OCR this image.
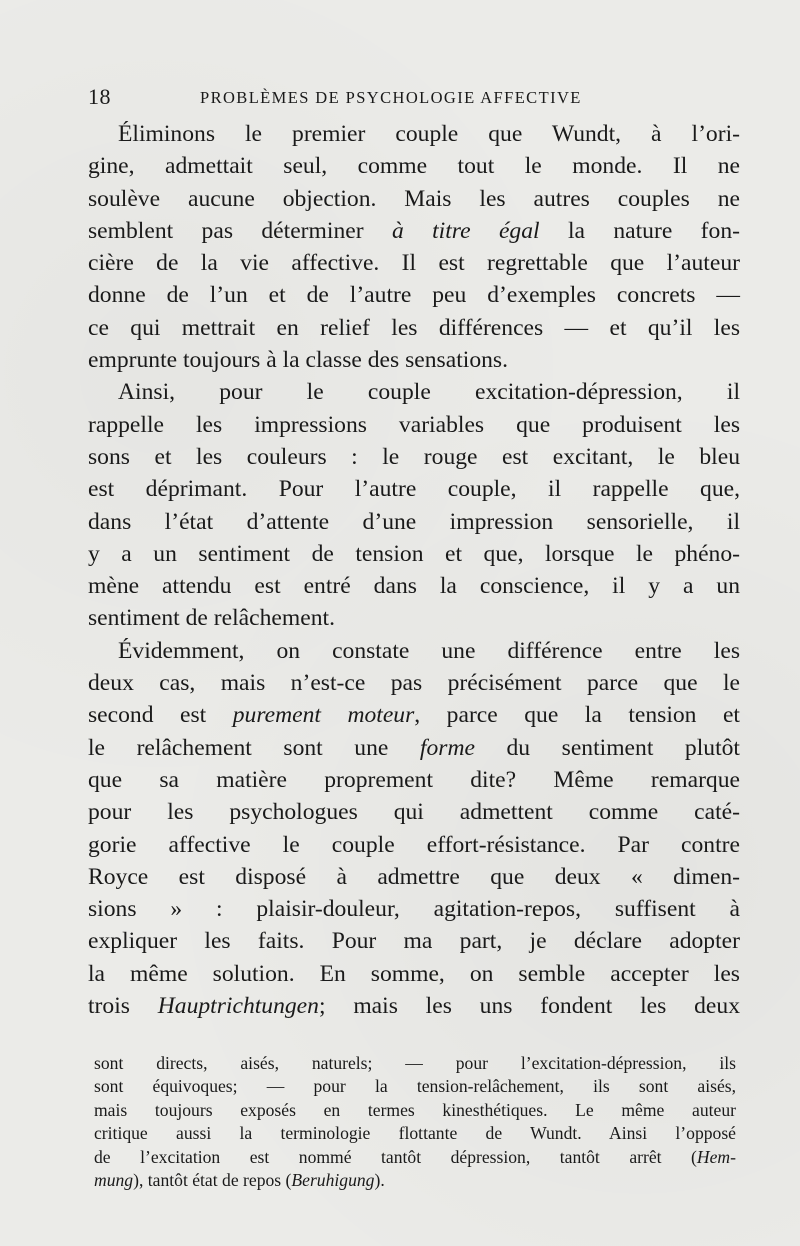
18	PROBLÈMES DE PSYCHOLOGIE AFFECTIVE
Éliminons le premier couple que Wundt, à l’ori-
gine, admettait seul, comme tout le monde. Il ne
soulève aucune objection. Mais les autres couples ne
semblent pas déterminer à titre égal la nature fon-
cière de la vie affective. Il est regrettable que l’auteur
donne de l’un et de l’autre peu d’exemples concrets —
ce qui mettrait en relief les différences — et qu’il les
emprunte toujours à la classe des sensations.
Ainsi, pour le couple excitation-dépression, il
rappelle les impressions variables que produisent les
sons et les couleurs : le rouge est excitant, le bleu
est déprimant. Pour l’autre couple, il rappelle que,
dans l’état d’attente d’une impression sensorielle, il
y a un sentiment de tension et que, lorsque le phéno-
mène attendu est entré dans la conscience, il y a un
sentiment de relâchement.
Évidemment, on constate une différence entre les
deux cas, mais n’est-ce pas précisément parce que le
second est purement moteur, parce que la tension et
le relâchement sont une forme du sentiment plutôt
que sa matière proprement dite? Même remarque
pour les psychologues qui admettent comme caté-
gorie affective le couple effort-résistance. Par contre
Royce est disposé à admettre que deux « dimen-
sions » : plaisir-douleur, agitation-repos, suffisent à
expliquer les faits. Pour ma part, je déclare adopter
la même solution. En somme, on semble accepter les
trois Hauptrichtungen; mais les uns fondent les deux
sont directs, aisés, naturels; — pour l’excitation-dépression, ils
sont équivoques; — pour la tension-relâchement, ils sont aisés,
mais toujours exposés en termes kinesthétiques. Le même auteur
critique aussi la terminologie flottante de Wundt. Ainsi l’opposé
de l’excitation est nommé tantôt dépression, tantôt arrêt (Hem-
mung), tantôt état de repos (Beruhigung).
